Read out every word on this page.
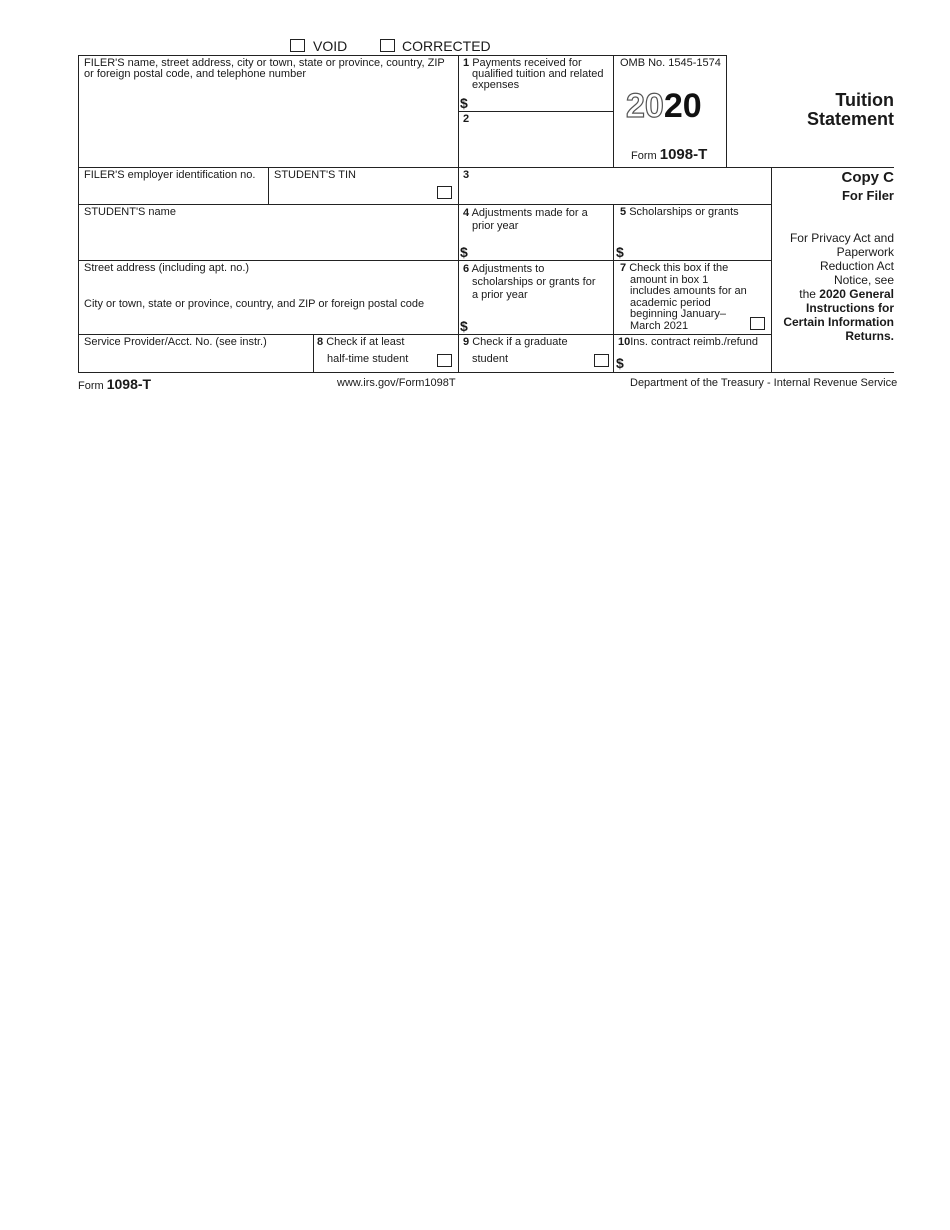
VOID	CORRECTED
FILER'S name, street address, city or town, state or province, country, ZIP or foreign postal code, and telephone number
1 Payments received for qualified tuition and related expenses
$
2
OMB No. 1545-1574
2020
Form 1098-T
Tuition
Statement
FILER'S employer identification no. STUDENT'S TIN	3	Copy C
For Filer
STUDENT'S name	4 Adjustments made for a prior year
$
5 Scholarships or grants
$
For Privacy Act and
Paperwork
Reduction Act
Notice, see
the 2020 General
Instructions for
Certain Information
Returns.
Street address (including apt. no.)
City or town, state or province, country, and ZIP or foreign postal code
6 Adjustments to scholarships or grants for a prior year
$
7 Check this box if the amount in box 1 includes amounts for an academic period beginning January–March 2021
Service Provider/Acct. No. (see instr.)	8 Check if at least
half-time student
9 Check if a graduate
student
10Ins. contract reimb./refund
$
Form 1098-T	www.irs.gov/Form1098T	Department of the Treasury - Internal Revenue Service
